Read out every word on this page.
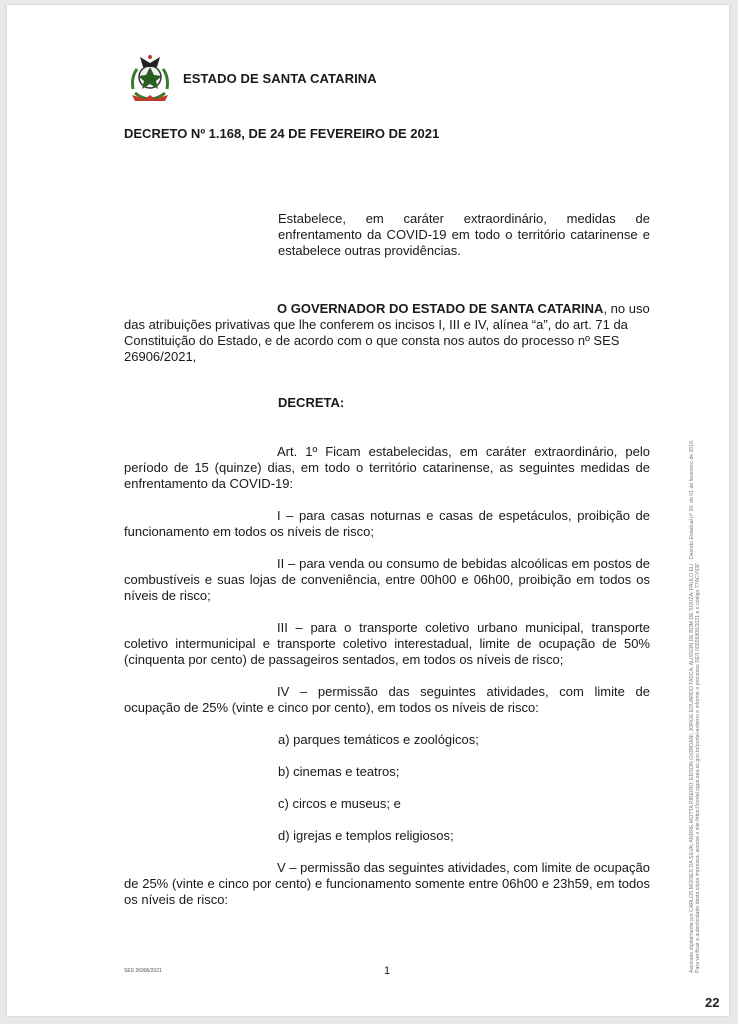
ESTADO DE SANTA CATARINA
DECRETO Nº 1.168, DE 24 DE FEVEREIRO DE 2021

Estabelece, em caráter extraordinário, medidas de enfrentamento da COVID-19 em todo o território catarinense e estabelece outras providências.

O GOVERNADOR DO ESTADO DE SANTA CATARINA, no uso das atribuições privativas que lhe conferem os incisos I, III e IV, alínea “a”, do art. 71 da Constituição do Estado, e de acordo com o que consta nos autos do processo nº SES 26906/2021,

DECRETA:
Art. 1º Ficam estabelecidas, em caráter extraordinário, pelo período de 15 (quinze) dias, em todo o território catarinense, as seguintes medidas de enfrentamento da COVID-19:
I – para casas noturnas e casas de espetáculos, proibição de funcionamento em todos os níveis de risco;
II – para venda ou consumo de bebidas alcoólicas em postos de combustíveis e suas lojas de conveniência, entre 00h00 e 06h00, proibição em todos os níveis de risco;
III – para o transporte coletivo urbano municipal, transporte coletivo intermunicipal e transporte coletivo interestadual, limite de ocupação de 50% (cinquenta por cento) de passageiros sentados, em todos os níveis de risco;
IV – permissão das seguintes atividades, com limite de ocupação de 25% (vinte e cinco por cento), em todos os níveis de risco:
a) parques temáticos e zoológicos;
b) cinemas e teatros;
c) circos e museus; e
d) igrejas e templos religiosos;
V – permissão das seguintes atividades, com limite de ocupação de 25% (vinte e cinco por cento) e funcionamento somente entre 06h00 e 23h59, em todos os níveis de risco:
SES 26906/2021	1	Assinado digitalmente por CARLOS MOISÉS DA SILVA; ANDRÉ MOTTA RIBEIRO; EDSON GIORDANI; JORGE EDUARDO TASCA; ALISSON DE BOM DE SOUZA; PAULO ELI · Decreto Estadual nº 39, de 01 de fevereiro de 2019. Para verificar a autenticidade desta cópia impressa, acesse o site https://portal.sgpe.sea.sc.gov.br/portal-externo e informe o processo SES 00026906/2021 e o código 77ACY93F
22
